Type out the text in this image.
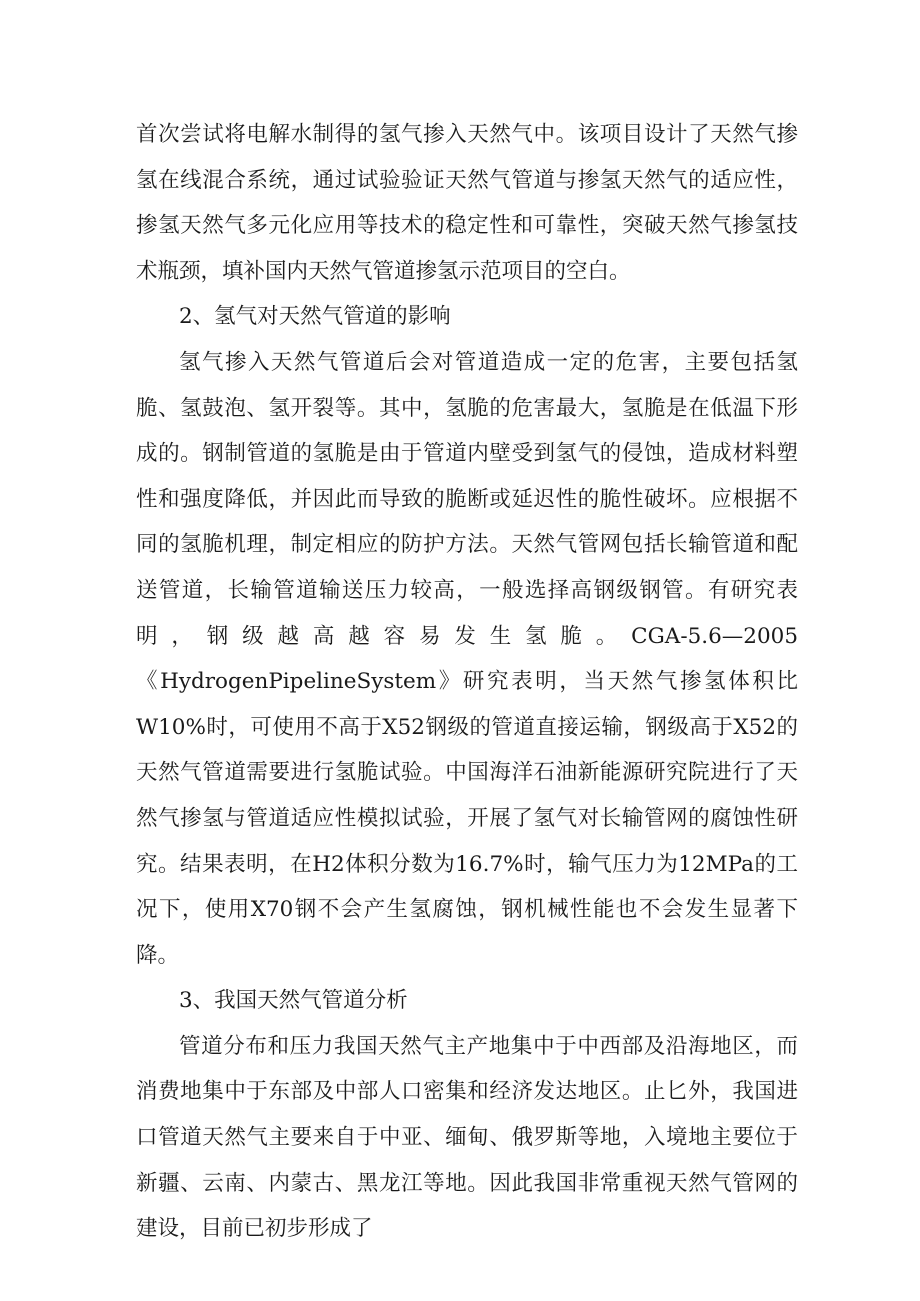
首次尝试将电解水制得的氢气掺入天然气中。该项目设计了天然气掺氢在线混合系统，通过试验验证天然气管道与掺氢天然气的适应性，掺氢天然气多元化应用等技术的稳定性和可靠性，突破天然气掺氢技术瓶颈，填补国内天然气管道掺氢示范项目的空白。

2、氢气对天然气管道的影响

氢气掺入天然气管道后会对管道造成一定的危害，主要包括氢脆、氢鼓泡、氢开裂等。其中，氢脆的危害最大，氢脆是在低温下形成的。钢制管道的氢脆是由于管道内壁受到氢气的侵蚀，造成材料塑性和强度降低，并因此而导致的脆断或延迟性的脆性破坏。应根据不同的氢脆机理，制定相应的防护方法。天然气管网包括长输管道和配送管道，长输管道输送压力较高，一般选择高钢级钢管。有研究表明，钢级越高越容易发生氢脆。CGA-5.6—2005《HydrogenPipelineSystem》研究表明，当天然气掺氢体积比W10%时，可使用不高于X52钢级的管道直接运输，钢级高于X52的天然气管道需要进行氢脆试验。中国海洋石油新能源研究院进行了天然气掺氢与管道适应性模拟试验，开展了氢气对长输管网的腐蚀性研究。结果表明，在H2体积分数为16.7%时，输气压力为12MPa的工况下，使用X70钢不会产生氢腐蚀，钢机械性能也不会发生显著下降。

3、我国天然气管道分析

管道分布和压力我国天然气主产地集中于中西部及沿海地区，而消费地集中于东部及中部人口密集和经济发达地区。止匕外，我国进口管道天然气主要来自于中亚、缅甸、俄罗斯等地，入境地主要位于新疆、云南、内蒙古、黑龙江等地。因此我国非常重视天然气管网的建设，目前已初步形成了
